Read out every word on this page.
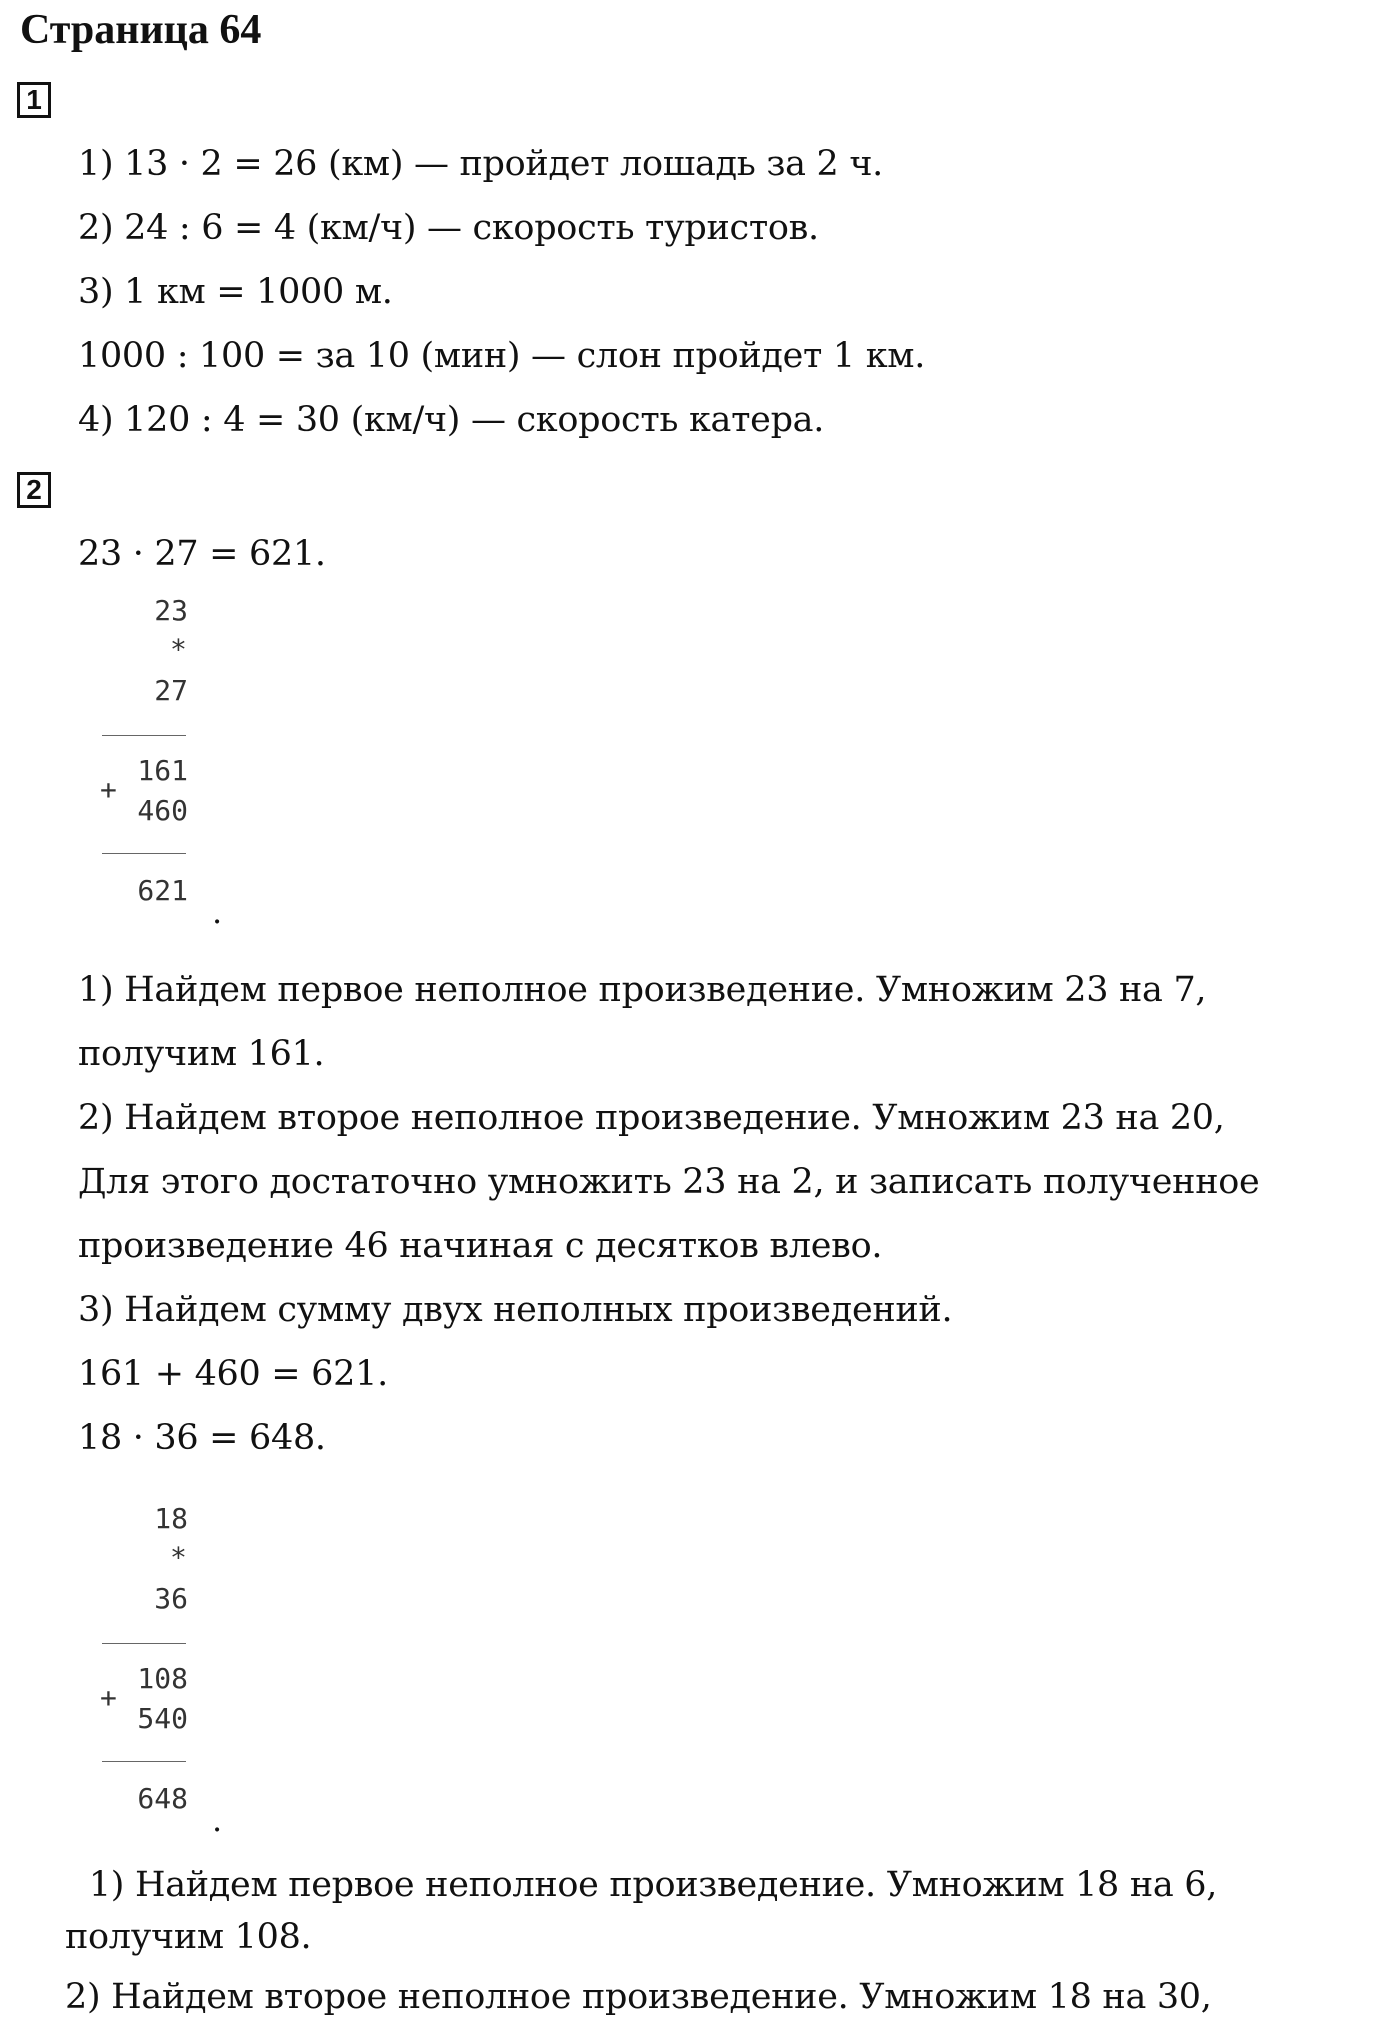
Страница 64
1
1) 13 · 2 = 26 (км) — пройдет лошадь за 2 ч.
2) 24 : 6 = 4 (км/ч) — скорость туристов.
3) 1 км = 1000 м.
1000 : 100 = за 10 (мин) — слон пройдет 1 км.
4) 120 : 4 = 30 (км/ч) — скорость катера.
2
23 · 27 = 621.
23
*
27
161
+
460
621
.
1) Найдем первое неполное произведение. Умножим 23 на 7,
получим 161.
2) Найдем второе неполное произведение. Умножим 23 на 20,
Для этого достаточно умножить 23 на 2, и записать полученное
произведение 46 начиная с десятков влево.
3) Найдем сумму двух неполных произведений.
161 + 460 = 621.
18 · 36 = 648.
18
*
36
108
+
540
648
.
1) Найдем первое неполное произведение. Умножим 18 на 6,
получим 108.
2) Найдем второе неполное произведение. Умножим 18 на 30,
